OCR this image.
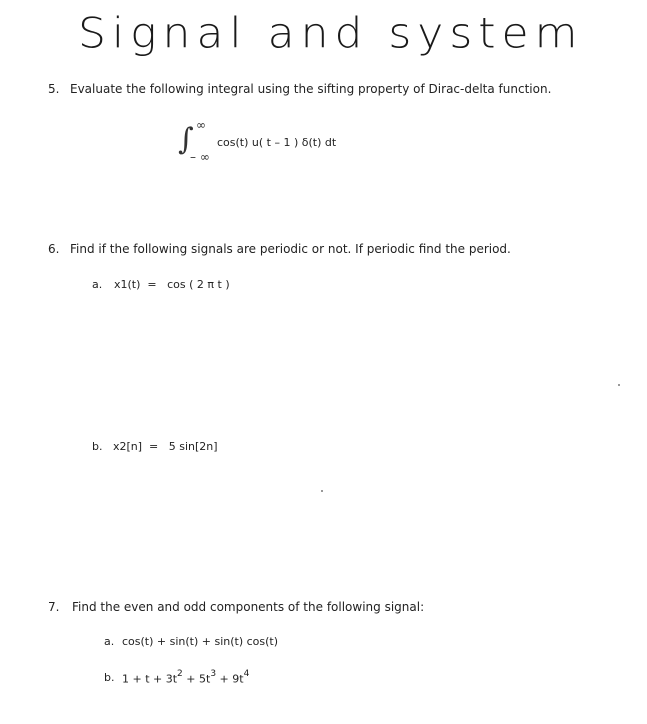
Signal and system
5. Evaluate the following integral using the sifting property of Dirac-delta function.
∫ ∞
– ∞
cos(t) u( t – 1 ) δ(t) dt
6. Find if the following signals are periodic or not. If periodic find the period.
a. x1(t)  =   cos ( 2 π t )
b. x2[n]  =   5 sin[2n]
7. Find the even and odd components of the following signal:
a. cos(t) + sin(t) + sin(t) cos(t)
b. $1 + t + 3t^2 + 5t^3 + 9t^4$
